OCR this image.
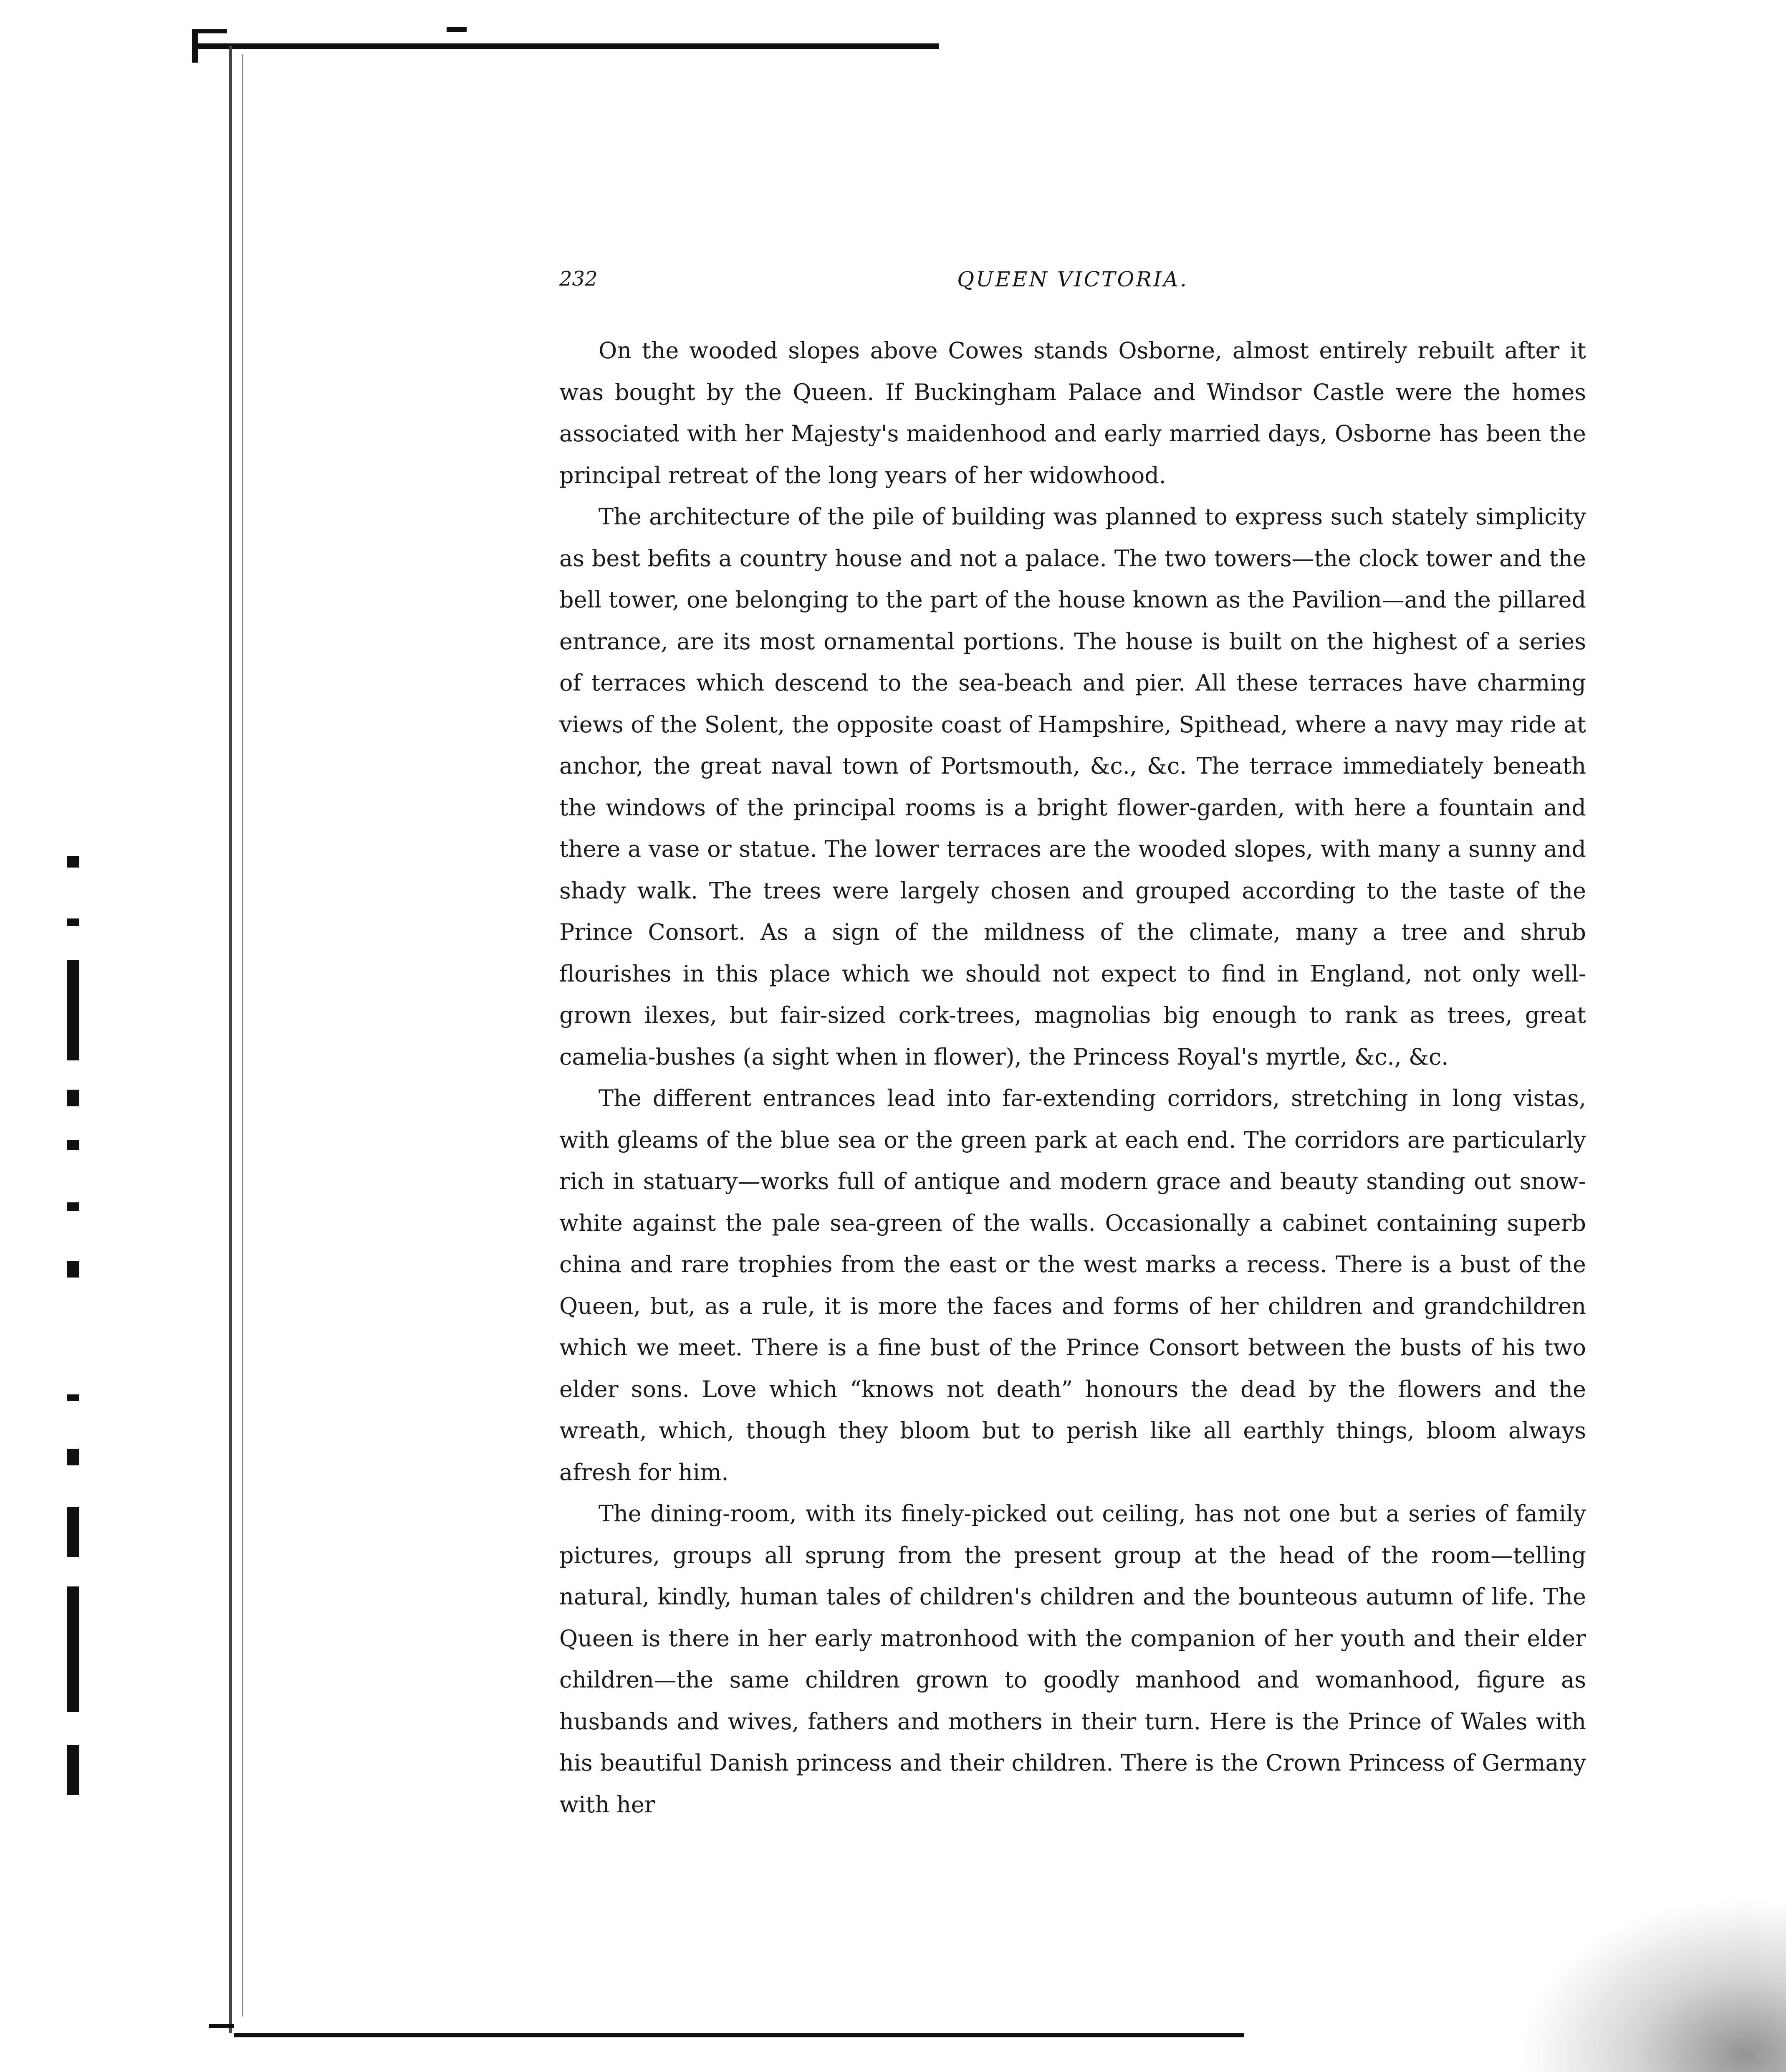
232	QUEEN VICTORIA.

On the wooded slopes above Cowes stands Osborne, almost entirely rebuilt after it was bought by the Queen. If Buckingham Palace and Windsor Castle were the homes associated with her Majesty's maidenhood and early married days, Osborne has been the principal retreat of the long years of her widowhood.

The architecture of the pile of building was planned to express such stately simplicity as best befits a country house and not a palace. The two towers—the clock tower and the bell tower, one belonging to the part of the house known as the Pavilion—and the pillared entrance, are its most ornamental portions. The house is built on the highest of a series of terraces which descend to the sea-beach and pier. All these terraces have charming views of the Solent, the opposite coast of Hampshire, Spithead, where a navy may ride at anchor, the great naval town of Portsmouth, &c., &c. The terrace immediately beneath the windows of the principal rooms is a bright flower-garden, with here a fountain and there a vase or statue. The lower terraces are the wooded slopes, with many a sunny and shady walk. The trees were largely chosen and grouped according to the taste of the Prince Consort. As a sign of the mildness of the climate, many a tree and shrub flourishes in this place which we should not expect to find in England, not only well-grown ilexes, but fair-sized cork-trees, magnolias big enough to rank as trees, great camelia-bushes (a sight when in flower), the Princess Royal's myrtle, &c., &c.

The different entrances lead into far-extending corridors, stretching in long vistas, with gleams of the blue sea or the green park at each end. The corridors are particularly rich in statuary—works full of antique and modern grace and beauty standing out snow-white against the pale sea-green of the walls. Occasionally a cabinet containing superb china and rare trophies from the east or the west marks a recess. There is a bust of the Queen, but, as a rule, it is more the faces and forms of her children and grandchildren which we meet. There is a fine bust of the Prince Consort between the busts of his two elder sons. Love which “knows not death” honours the dead by the flowers and the wreath, which, though they bloom but to perish like all earthly things, bloom always afresh for him.

The dining-room, with its finely-picked out ceiling, has not one but a series of family pictures, groups all sprung from the present group at the head of the room—telling natural, kindly, human tales of children's children and the bounteous autumn of life. The Queen is there in her early matronhood with the companion of her youth and their elder children—the same children grown to goodly manhood and womanhood, figure as husbands and wives, fathers and mothers in their turn. Here is the Prince of Wales with his beautiful Danish princess and their children. There is the Crown Princess of Germany with her
